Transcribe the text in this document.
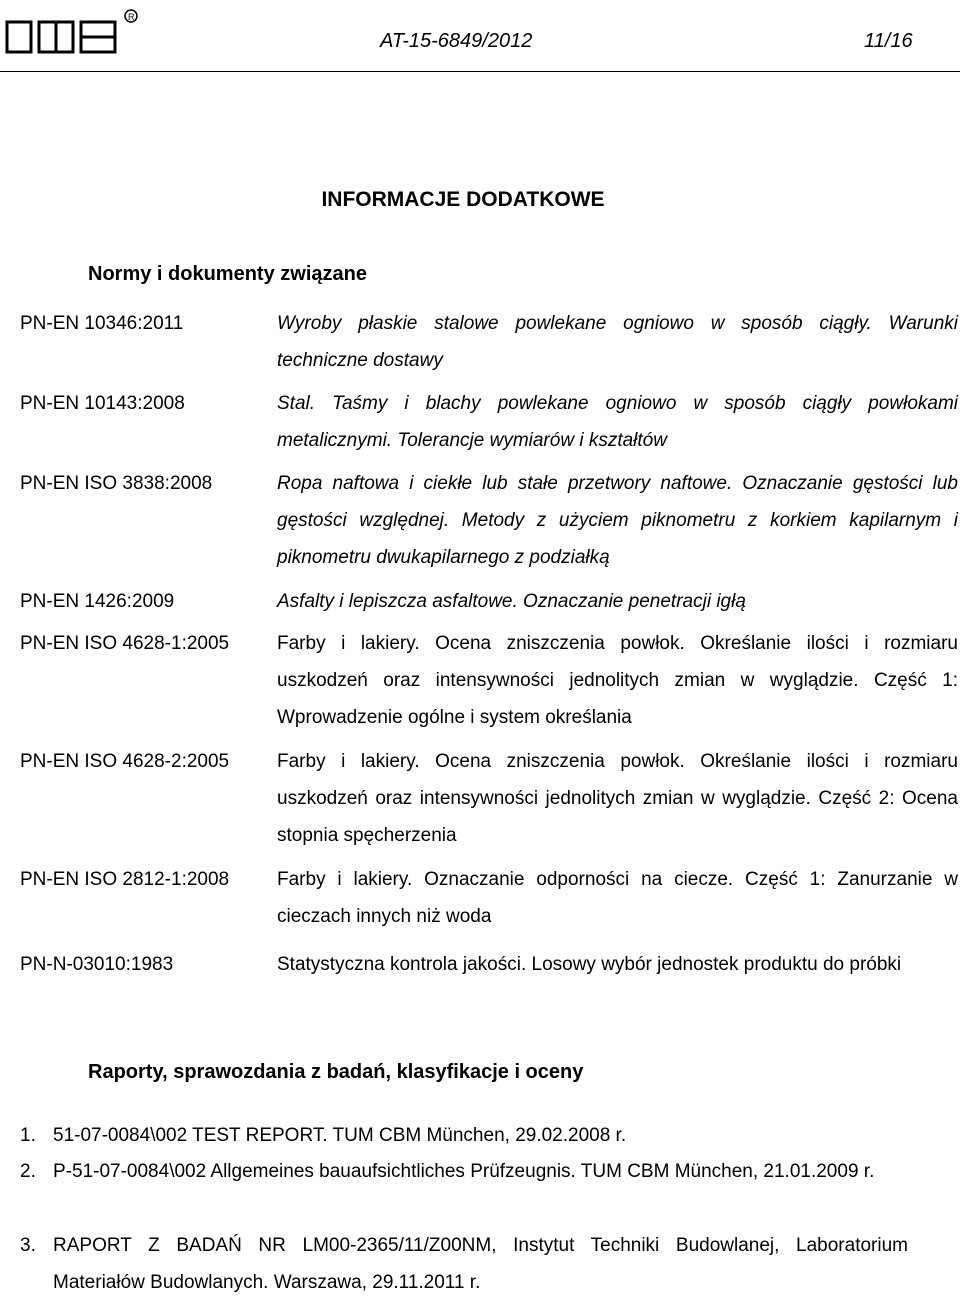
R
AT-15-6849/2012	11/16
INFORMACJE DODATKOWE
Normy i dokumenty związane
PN-EN 10346:2011	Wyroby płaskie stalowe powlekane ogniowo w sposób ciągły. Warunki techniczne dostawy
PN-EN 10143:2008	Stal. Taśmy i blachy powlekane ogniowo w sposób ciągły powłokami metalicznymi. Tolerancje wymiarów i kształtów
PN-EN ISO 3838:2008	Ropa naftowa i ciekłe lub stałe przetwory naftowe. Oznaczanie gęstości lub gęstości względnej. Metody z użyciem piknometru z korkiem kapilarnym i piknometru dwukapilarnego z podziałką
PN-EN 1426:2009	Asfalty i lepiszcza asfaltowe. Oznaczanie penetracji igłą
PN-EN ISO 4628-1:2005	Farby i lakiery. Ocena zniszczenia powłok. Określanie ilości i rozmiaru uszkodzeń oraz intensywności jednolitych zmian w wyglądzie. Część 1: Wprowadzenie ogólne i system określania
PN-EN ISO 4628-2:2005	Farby i lakiery. Ocena zniszczenia powłok. Określanie ilości i rozmiaru uszkodzeń oraz intensywności jednolitych zmian w wyglądzie. Część 2: Ocena stopnia spęcherzenia
PN-EN ISO 2812-1:2008	Farby i lakiery. Oznaczanie odporności na ciecze. Część 1: Zanurzanie w cieczach innych niż woda
PN-N-03010:1983	Statystyczna kontrola jakości. Losowy wybór jednostek produktu do próbki
Raporty, sprawozdania z badań, klasyfikacje i oceny
1. 51-07-0084\002 TEST REPORT. TUM CBM München, 29.02.2008 r.
2. P-51-07-0084\002 Allgemeines bauaufsichtliches Prüfzeugnis. TUM CBM München, 21.01.2009 r.
3. RAPORT Z BADAŃ NR LM00-2365/11/Z00NM, Instytut Techniki Budowlanej, Laboratorium Materiałów Budowlanych. Warszawa, 29.11.2011 r.
